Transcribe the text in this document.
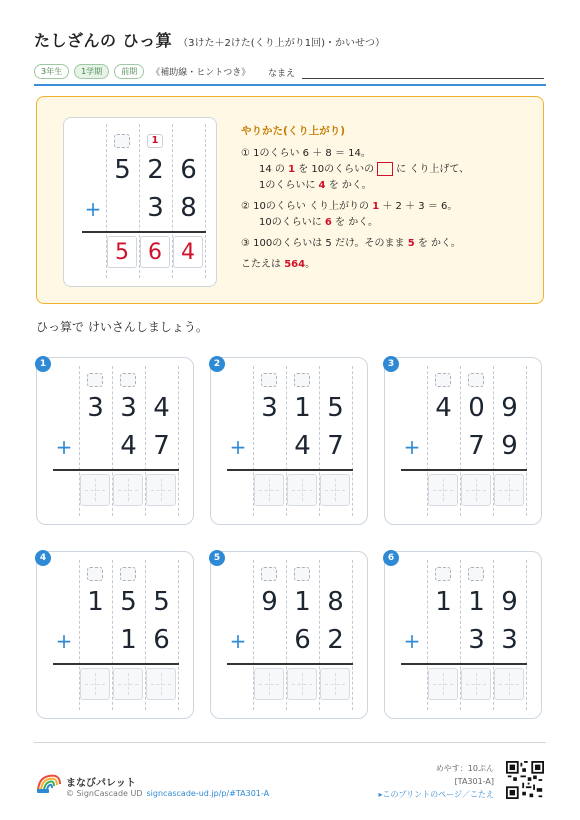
たしざんの ひっ算 （3けた＋2けた(くり上がり1回)・かいせつ）
3年生	1学期	前期	《補助線・ヒントつき》 なまえ
1
5 2 6
+	3 8
5 6 4
やりかた(くり上がり)
① 1のくらい 6 ＋ 8 ＝ 14。
14 の 1 を 10のくらいの に くり上げて、
1のくらいに 4 を かく。
② 10のくらい くり上がりの 1 ＋ 2 ＋ 3 ＝ 6。
10のくらいに 6 を かく。
③ 100のくらいは 5 だけ。そのまま 5 を かく。
こたえは 564。
ひっ算で けいさんしましょう。
1
3 3 4
+	4 7
2
3 1 5
+	4 7
3
4 0 9
+	7 9
4
1 5 5
+	1 6
5
9 1 8
+	6 2
6
1 1 9
+	3 3
まなびパレット
© SignCascade UD signcascade-ud.jp/p/#TA301-A
めやす：10ぷん
[TA301-A]
▸このプリントのページ／こたえ
